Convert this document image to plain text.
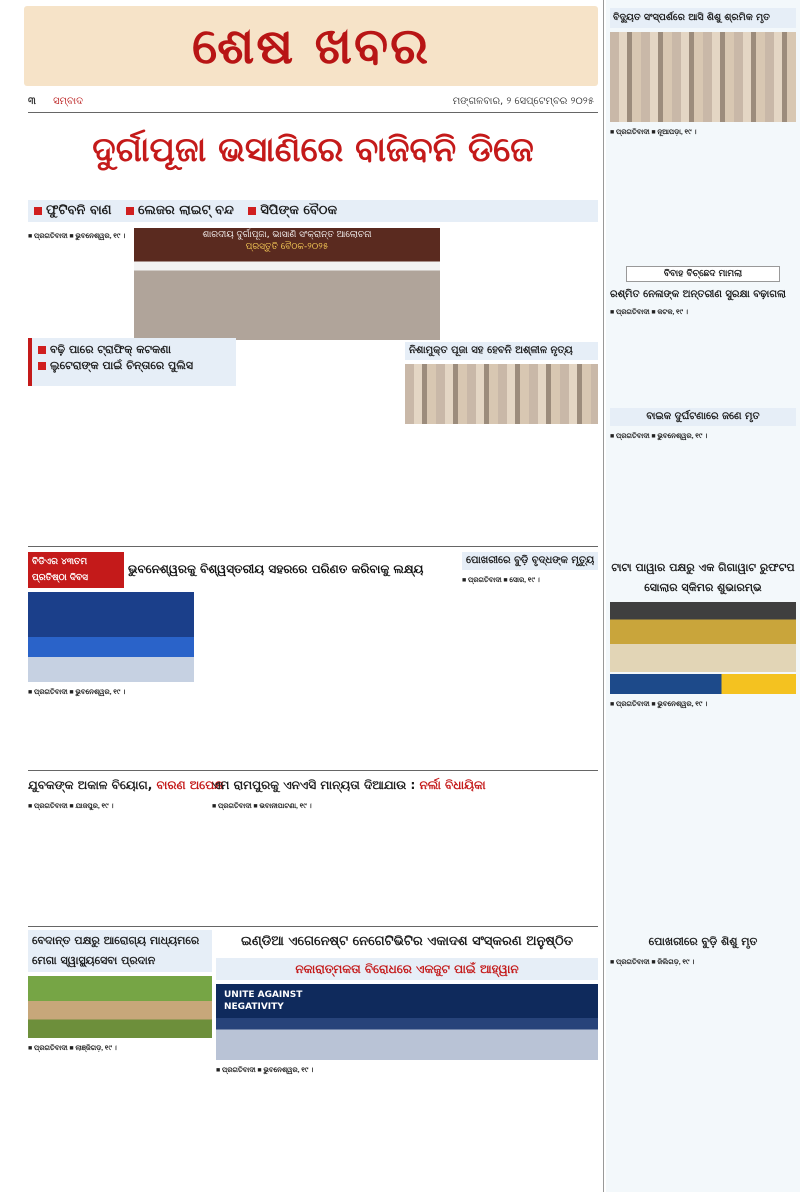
ଶେଷ ଖବର
୩ ସମ୍ବାଦ	ମଙ୍ଗଳବାର, ୨ ସେପ୍ଟେମ୍ବର ୨୦୨୫
ଦୁର୍ଗାପୂଜା ଭସାଣିରେ ବାଜିବନି ଡିଜେ
ଫୁଟିବନି ବାଣ ଲେଜର ଲାଇଟ୍ ବନ୍ଦ ସିପିଙ୍କ ବୈଠକ
■ ପ୍ରଗତିବାଦୀ ■ ଭୁବନେଶ୍ୱର, ୧୯ ।	ଶାରଦୀୟ ଦୁର୍ଗାପୂଜା, ଭାସାଣି ସଂକ୍ରାନ୍ତ ଆଲୋଚନା
ପ୍ରସ୍ତୁତି ବୈଠକ-୨୦୨୫
ବଢ଼ି ପାରେ ଟ୍ରାଫିକ୍ କଟକଣା
ଲୁଟେରାଙ୍କ ପାଇଁ ଚିନ୍ତାରେ ପୁଲିସ
ନିଶାମୁକ୍ତ ପୂଜା ସହ ହେବନି ଅଶ୍ଳୀଳ ନୃତ୍ୟ
ବିଡିଏର ୪୩ତମ
ପ୍ରତିଷ୍ଠା ଦିବସ
ଭୁବନେଶ୍ୱରକୁ ବିଶ୍ୱସ୍ତରୀୟ ସହରରେ ପରିଣତ କରିବାକୁ ଲକ୍ଷ୍ୟ
■ ପ୍ରଗତିବାଦୀ ■ ଭୁବନେଶ୍ୱର, ୧୯ ।
ପୋଖରୀରେ ବୁଡ଼ି ବୃଦ୍ଧଙ୍କ ମୃତ୍ୟୁ
■ ପ୍ରଗତିବାଦୀ ■ ସୋର, ୧୯ ।
ଯୁବକଙ୍କ ଅକାଳ ବିୟୋଗ, ବାରଣ ଅପେକ୍ଷ
■ ପ୍ରଗତିବାଦୀ ■ ଯାଜପୁର, ୧୯ ।
ଏମ ରାମପୁରକୁ ଏନଏସି ମାନ୍ୟତା ଦିଆଯାଉ : ନର୍ଲା ବିଧାୟିକା
■ ପ୍ରଗତିବାଦୀ ■ ଭବାନୀପାଟଣା, ୧୯ ।
ବେଦାନ୍ତ ପକ୍ଷରୁ ଆରୋଗ୍ୟ ମାଧ୍ୟମରେ ମେଗା ସ୍ୱାସ୍ଥ୍ୟସେବା ପ୍ରଦାନ
■ ପ୍ରଗତିବାଦୀ ■ ଲାଞ୍ଜିଗଡ଼, ୧୯ ।
ଇଣ୍ଡିଆ ଏଗେନେଷ୍ଟ ନେଗେଟିଭିଟିର ଏକାଦଶ ସଂସ୍କରଣ ଅନୁଷ୍ଠିତ
ନକାରାତ୍ମକତା ବିରୋଧରେ ଏକଜୁଟ ପାଇଁ ଆହ୍ୱାନ
UNITE AGAINST
NEGATIVITY
■ ପ୍ରଗତିବାଦୀ ■ ଭୁବନେଶ୍ୱର, ୧୯ ।
ବିଦ୍ୟୁତ ସଂସ୍ପର୍ଶରେ ଆସି ଶିଶୁ ଶ୍ରମିକ ମୃତ
■ ପ୍ରଗତିବାଦୀ ■ ନୂଆପଡ଼ା, ୧୯ ।
ବିବାହ ବିଚ୍ଛେଦ ମାମଲା
ରଶ୍ମିତ ନେଳାଙ୍କ ଅନ୍ତରୀଣ ସୁରକ୍ଷା ବଢ଼ାଗଲା
■ ପ୍ରଗତିବାଦୀ ■ କଟକ, ୧୯ ।
ବାଇକ ଦୁର୍ଘଟଣାରେ ଜଣେ ମୃତ
■ ପ୍ରଗତିବାଦୀ ■ ଭୁବନେଶ୍ୱର, ୧୯ ।
ଟାଟା ପାୱାର ପକ୍ଷରୁ ଏକ ଗିଗାୱାଟ ରୁଫଟପ ସୋଲାର ସ୍କିମର ଶୁଭାରମ୍ଭ
■ ପ୍ରଗତିବାଦୀ ■ ଭୁବନେଶ୍ୱର, ୧୯ ।
ପୋଖରୀରେ ବୁଡ଼ି ଶିଶୁ ମୃତ
■ ପ୍ରଗତିବାଦୀ ■ ଜିଲିଗଡ଼, ୧୯ ।
